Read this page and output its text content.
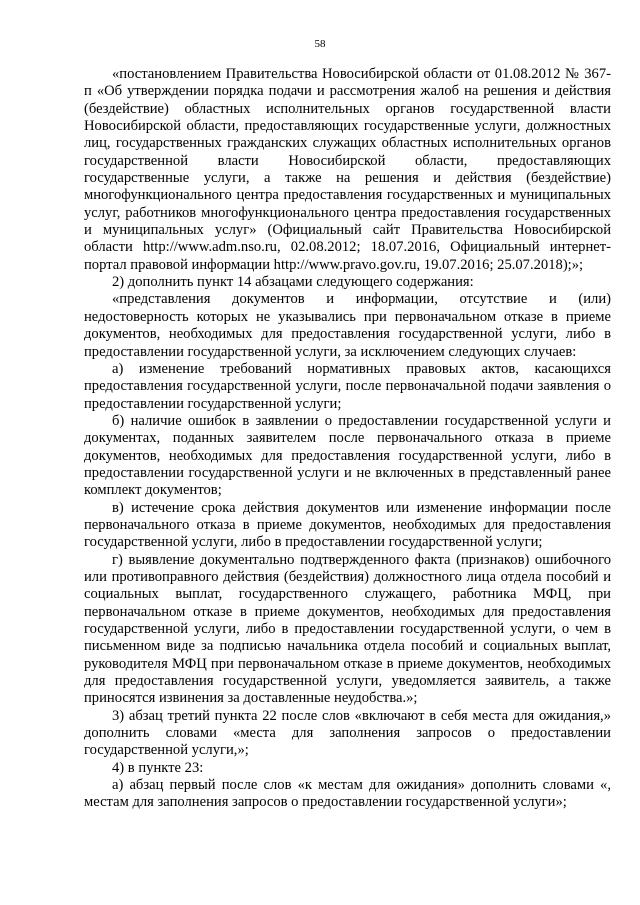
58

«постановлением Правительства Новосибирской области от 01.08.2012 № 367-п «Об утверждении порядка подачи и рассмотрения жалоб на решения и действия (бездействие) областных исполнительных органов государственной власти Новосибирской области, предоставляющих государственные услуги, должностных лиц, государственных гражданских служащих областных исполнительных органов государственной власти Новосибирской области, предоставляющих государственные услуги, а также на решения и действия (бездействие) многофункционального центра предоставления государственных и муниципальных услуг, работников многофункционального центра предоставления государственных и муниципальных услуг» (Официальный сайт Правительства Новосибирской области http://www.adm.nso.ru, 02.08.2012; 18.07.2016, Официальный интернет-портал правовой информации http://www.pravo.gov.ru, 19.07.2016; 25.07.2018);»;

2) дополнить пункт 14 абзацами следующего содержания:

«представления документов и информации, отсутствие и (или) недостоверность которых не указывались при первоначальном отказе в приеме документов, необходимых для предоставления государственной услуги, либо в предоставлении государственной услуги, за исключением следующих случаев:

а) изменение требований нормативных правовых актов, касающихся предоставления государственной услуги, после первоначальной подачи заявления о предоставлении государственной услуги;

б) наличие ошибок в заявлении о предоставлении государственной услуги и документах, поданных заявителем после первоначального отказа в приеме документов, необходимых для предоставления государственной услуги, либо в предоставлении государственной услуги и не включенных в представленный ранее комплект документов;

в) истечение срока действия документов или изменение информации после первоначального отказа в приеме документов, необходимых для предоставления государственной услуги, либо в предоставлении государственной услуги;

г) выявление документально подтвержденного факта (признаков) ошибочного или противоправного действия (бездействия) должностного лица отдела пособий и социальных выплат, государственного служащего, работника МФЦ, при первоначальном отказе в приеме документов, необходимых для предоставления государственной услуги, либо в предоставлении государственной услуги, о чем в письменном виде за подписью начальника отдела пособий и социальных выплат, руководителя МФЦ при первоначальном отказе в приеме документов, необходимых для предоставления государственной услуги, уведомляется заявитель, а также приносятся извинения за доставленные неудобства.»;

3) абзац третий пункта 22 после слов «включают в себя места для ожидания,» дополнить словами «места для заполнения запросов о предоставлении государственной услуги,»;

4) в пункте 23:

а) абзац первый после слов «к местам для ожидания» дополнить словами «, местам для заполнения запросов о предоставлении государственной услуги»;
